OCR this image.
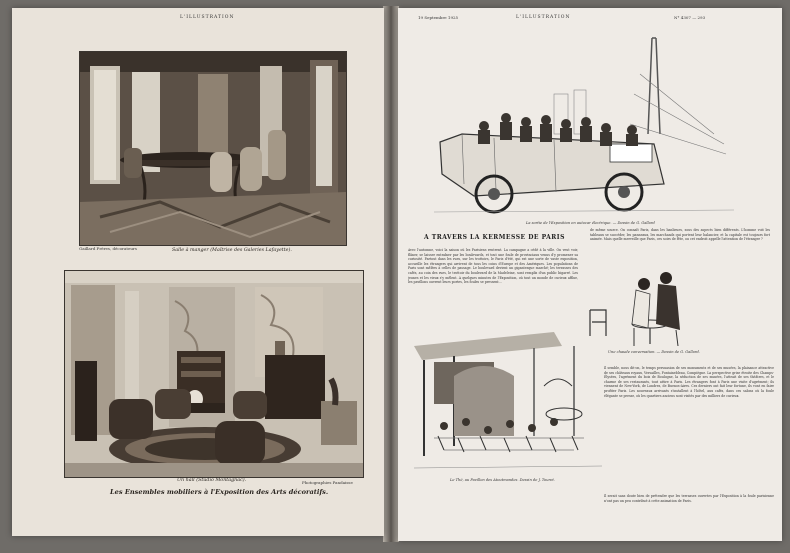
L'ILLUSTRATION
Gaillard Frères, décorateurs	Salle à manger (Maîtrise des Galeries Lafayette).
Un hall (Studio Montagnac).	Photographies Pandaisse
Les Ensembles mobiliers à l'Exposition des Arts décoratifs.
19 Septembre 1925	L'ILLUSTRATION	N° 4307 — 293
La sortie de l'Exposition en autocar électrique. — Dessin de G. Gallard
A TRAVERS LA KERMESSE DE PARIS
Avec l'automne, voici la saison où les Parisiens rentrent. La campagne a cédé à la ville. On veut voir, flâner, se laisser entraîner par les boulevards, et tout une foule de provinciaux venus d'y promener sa curiosité. Partout dans les rues, sur les trottoirs, le Paris d'été, qui est une sorte de vaste exposition, accueille les étrangers qui arrivent de tous les coins d'Europe et des Amériques. Les populations de Paris sont mêlées à celles de passage. Le boulevard devient un gigantesque marché; les terrasses des cafés, au coin des rues, le trottoir du boulevard de la Madeleine, sont remplis d'un public bigarré. Les jeunes et les vieux s'y mêlent. A quelques minutes de l'Exposition, où tout un monde de curieux afflue, les pavillons ouvrent leurs portes, les foules se pressent...
de même source. On connaît Paris, dans les banlieues, sous des aspects bien différents. L'homme voit les tableaux se succéder, les panneaux, les marchands qui portent leur balancier, et la capitale est toujours fort animée. Mais quelle merveille que Paris, ces soirs de fête, ou cet endroit appelle l'attention de l'étranger ?
Une chaude conversation. — Dessin de G. Gallard.
Le Thé, au Pavillon des Atoutmandes. Dessin de J. Touret.
Il semble, nous dit-on, le temps persuasion de ses monuments et de ses musées, la plaisance attractive de ses châteaux royaux, Versailles, Fontainebleau, Compiègne. La perspective grise étroite des Champs-Élysées, l'agrément du bois de Boulogne, la séduction de ses musées, l'attrait de ses théâtres, et le charme de ses restaurants, tout attire à Paris. Les étrangers font à Paris une visite d'agrément; ils viennent de New-York, de Londres, de Buenos-Aires. Ces derniers ont fait leur fortune, ils vont en faire profiter Paris. Les nouveaux arrivants s'installent à l'hôtel, aux cafés, dans ces salons où la foule élégante se presse, où les quartiers anciens sont visités par des milliers de curieux.
Il serait sans doute bien de prétendre que les terrasses ouvertes par l'Exposition à la foule parisienne n'ont pas un peu contribué à cette animation de Paris.
